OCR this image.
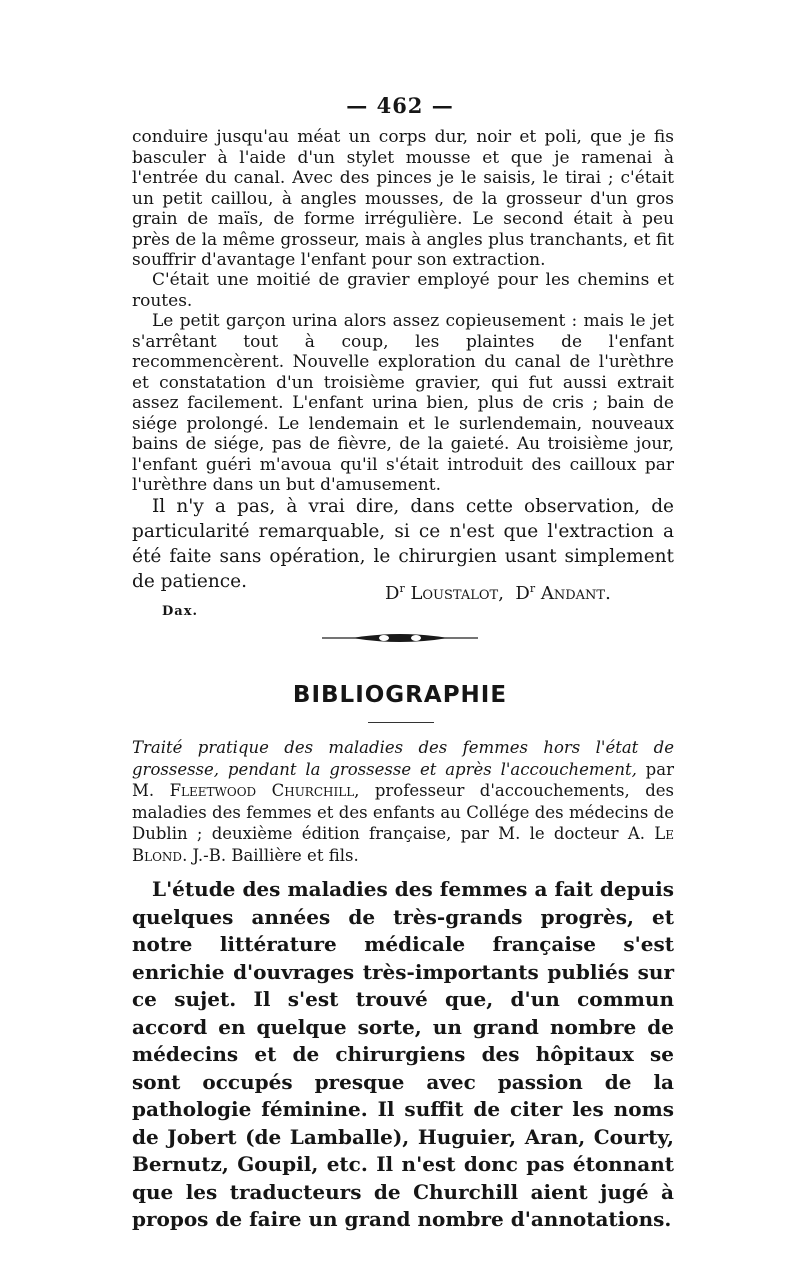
— 462 —

conduire jusqu'au méat un corps dur, noir et poli, que je fis basculer à l'aide d'un stylet mousse et que je ramenai à l'entrée du canal. Avec des pinces je le saisis, le tirai ; c'était un petit caillou, à angles mousses, de la grosseur d'un gros grain de maïs, de forme irrégulière. Le second était à peu près de la même grosseur, mais à angles plus tranchants, et fit souffrir d'avantage l'enfant pour son extraction.

C'était une moitié de gravier employé pour les chemins et routes.

Le petit garçon urina alors assez copieusement : mais le jet s'arrêtant tout à coup, les plaintes de l'enfant recommencèrent. Nouvelle exploration du canal de l'urèthre et constatation d'un troisième gravier, qui fut aussi extrait assez facilement. L'enfant urina bien, plus de cris ; bain de siége prolongé. Le lendemain et le surlendemain, nouveaux bains de siége, pas de fièvre, de la gaieté. Au troisième jour, l'enfant guéri m'avoua qu'il s'était introduit des cailloux par l'urèthre dans un but d'amusement.

Il n'y a pas, à vrai dire, dans cette observation, de particularité remarquable, si ce n'est que l'extraction a été faite sans opération, le chirurgien usant simplement de patience.

$D^r$ Loustalot, $D^r$ Andant.
Dax.
BIBLIOGRAPHIE

Traité pratique des maladies des femmes hors l'état de grossesse, pendant la grossesse et après l'accouchement, par M. Fleetwood Churchill, professeur d'accouchements, des maladies des femmes et des enfants au Collége des médecins de Dublin ; deuxième édition française, par M. le docteur A. Le Blond. J.-B. Baillière et fils.

L'étude des maladies des femmes a fait depuis quelques années de très-grands progrès, et notre littérature médicale française s'est enrichie d'ouvrages très-importants publiés sur ce sujet. Il s'est trouvé que, d'un commun accord en quelque sorte, un grand nombre de médecins et de chirurgiens des hôpitaux se sont occupés presque avec passion de la pathologie féminine. Il suffit de citer les noms de Jobert (de Lamballe), Huguier, Aran, Courty, Bernutz, Goupil, etc. Il n'est donc pas étonnant que les traducteurs de Churchill aient jugé à propos de faire un grand nombre d'annotations.
